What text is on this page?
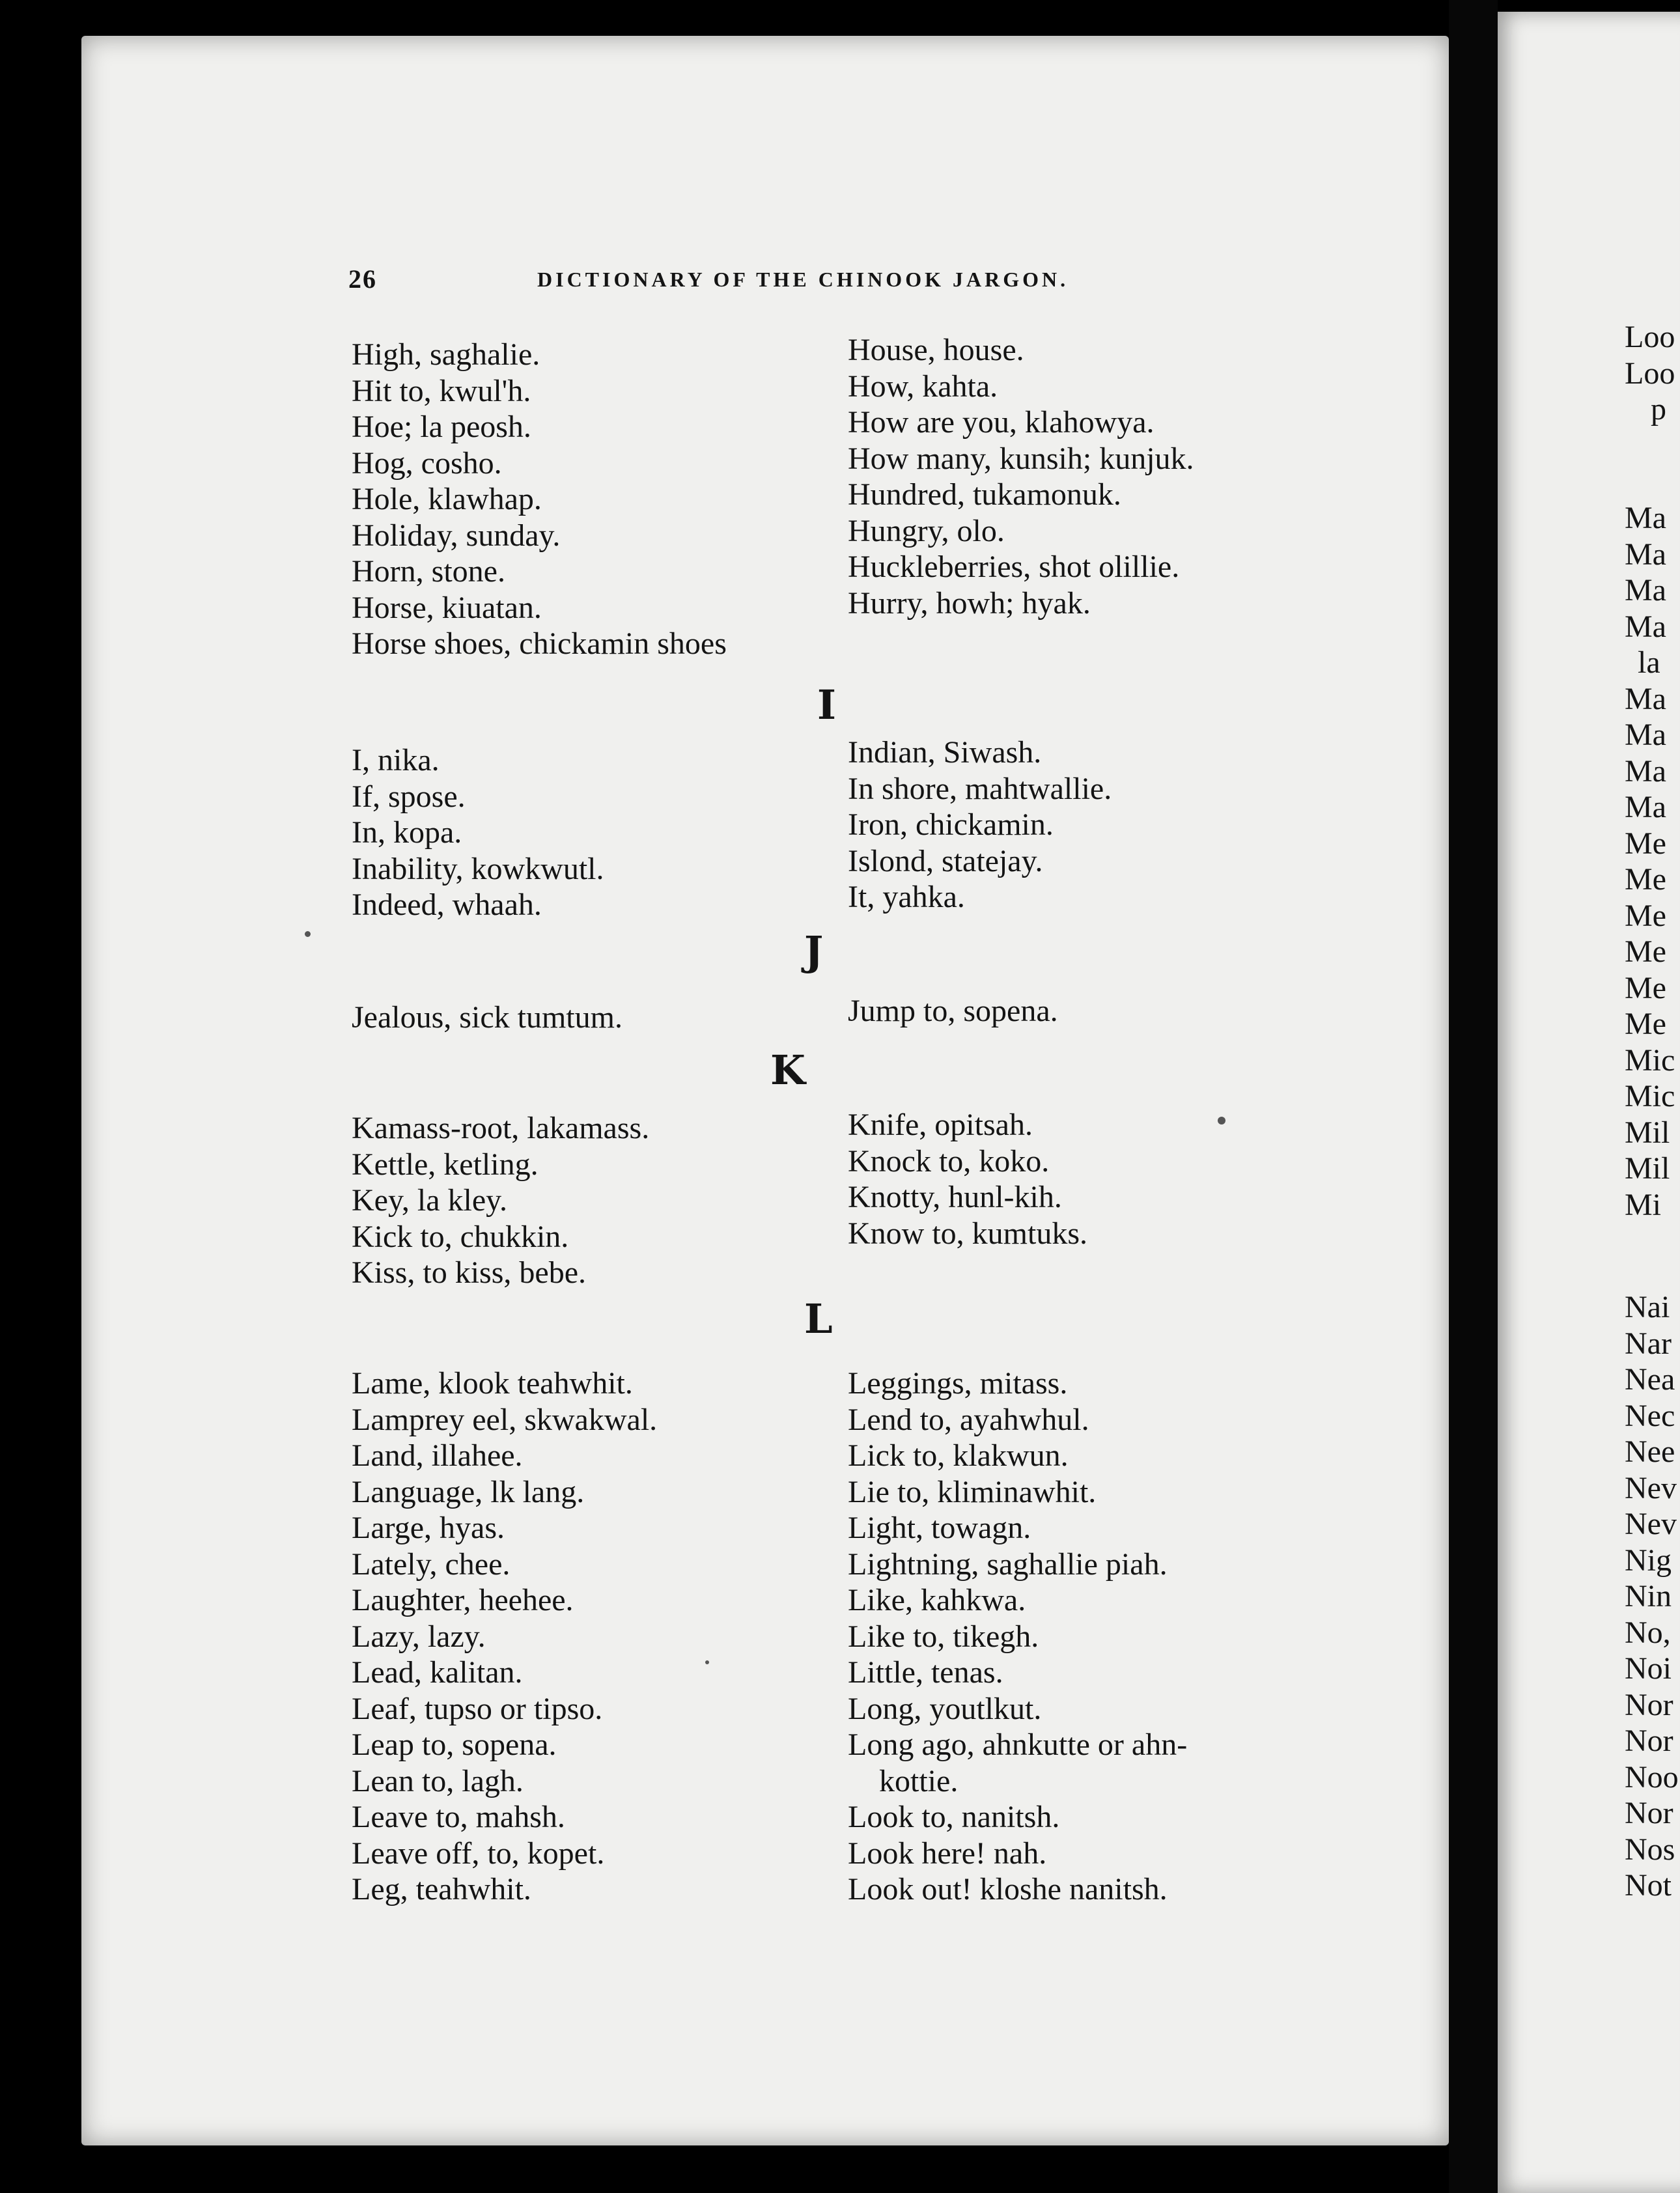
26	DICTIONARY OF THE CHINOOK JARGON.
High, saghalie.
Hit to, kwul'h.
Hoe; la peosh.
Hog, cosho.
Hole, klawhap.
Holiday, sunday.
Horn, stone.
Horse, kiuatan.
Horse shoes, chickamin shoes
House, house.
How, kahta.
How are you, klahowya.
How many, kunsih; kunjuk.
Hundred, tukamonuk.
Hungry, olo.
Huckleberries, shot olillie.
Hurry, howh; hyak.
I
I, nika.
If, spose.
In, kopa.
Inability, kowkwutl.
Indeed, whaah.
Indian, Siwash.
In shore, mahtwallie.
Iron, chickamin.
Islond, statejay.
It, yahka.
J
Jealous, sick tumtum.	Jump to, sopena.
K
Kamass-root, lakamass.
Kettle, ketling.
Key, la kley.
Kick to, chukkin.
Kiss, to kiss, bebe.
Knife, opitsah.
Knock to, koko.
Knotty, hunl-kih.
Know to, kumtuks.
L
Lame, klook teahwhit.
Lamprey eel, skwakwal.
Land, illahee.
Language, lk lang.
Large, hyas.
Lately, chee.
Laughter, heehee.
Lazy, lazy.
Lead, kalitan.
Leaf, tupso or tipso.
Leap to, sopena.
Lean to, lagh.
Leave to, mahsh.
Leave off, to, kopet.
Leg, teahwhit.
Leggings, mitass.
Lend to, ayahwhul.
Lick to, klakwun.
Lie to, kliminawhit.
Light, towagn.
Lightning, saghallie piah.
Like, kahkwa.
Like to, tikegh.
Little, tenas.
Long, youtlkut.
Long ago, ahnkutte or ahn-
kottie.
Look to, nanitsh.
Look here! nah.
Look out! kloshe nanitsh.
Loo
Loo
p
Ma
Ma
Ma
Ma
la
Ma
Ma
Ma
Ma
Me
Me
Me
Me
Me
Me
Mic
Mic
Mil
Mil
Mi
Nai
Nar
Nea
Nec
Nee
Nev
Nev
Nig
Nin
No,
Noi
Nor
Nor
Noo
Nor
Nos
Not
